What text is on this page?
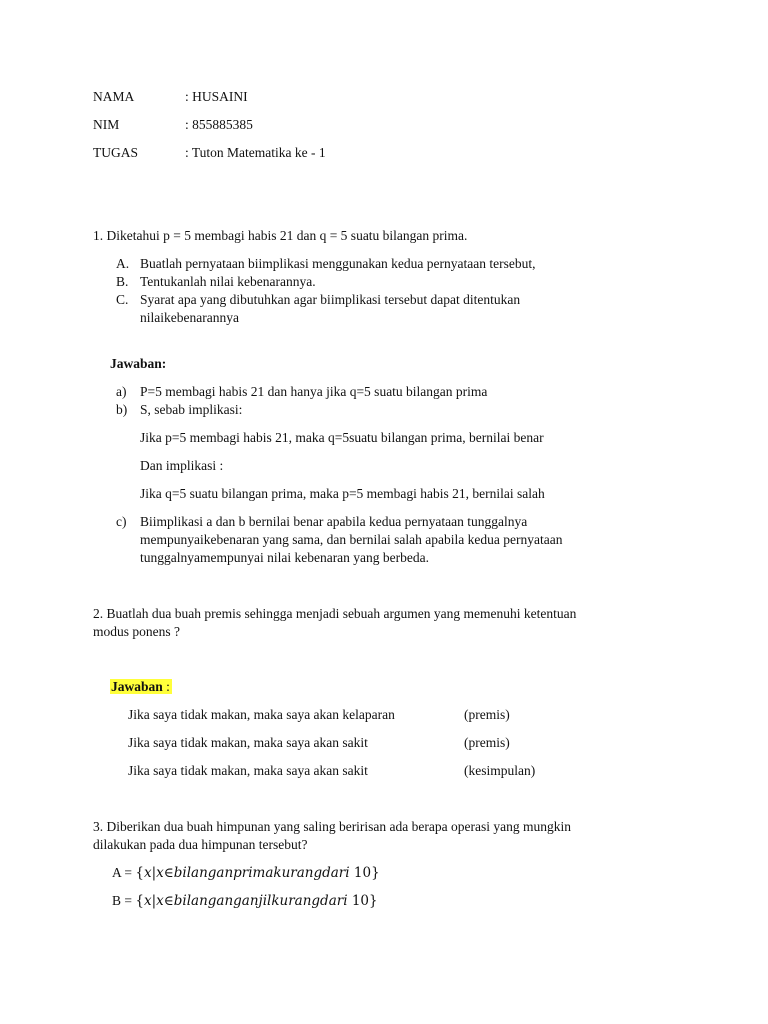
NAMA	: HUSAINI
NIM	: 855885385
TUGAS	: Tuton Matematika ke - 1
1. Diketahui p = 5 membagi habis 21 dan q = 5 suatu bilangan prima.
A. Buatlah pernyataan biimplikasi menggunakan kedua pernyataan tersebut,
B. Tentukanlah nilai kebenarannya.
C. Syarat apa yang dibutuhkan agar biimplikasi tersebut dapat ditentukan
nilaikebenarannya
Jawaban:
a) P=5 membagi habis 21 dan hanya jika q=5 suatu bilangan prima
b) S, sebab implikasi:
Jika p=5 membagi habis 21, maka q=5suatu bilangan prima, bernilai benar
Dan implikasi :
Jika q=5 suatu bilangan prima, maka p=5 membagi habis 21, bernilai salah
c) Biimplikasi a dan b bernilai benar apabila kedua pernyataan tunggalnya
mempunyaikebenaran yang sama, dan bernilai salah apabila kedua pernyataan
tunggalnyamempunyai nilai kebenaran yang berbeda.
2. Buatlah dua buah premis sehingga menjadi sebuah argumen yang memenuhi ketentuan
modus ponens ?
Jawaban :
Jika saya tidak makan, maka saya akan kelaparan	(premis)
Jika saya tidak makan, maka saya akan sakit	(premis)
Jika saya tidak makan, maka saya akan sakit	(kesimpulan)
3. Diberikan dua buah himpunan yang saling beririsan ada berapa operasi yang mungkin
dilakukan pada dua himpunan tersebut?
A = {x|x∈bilanganprimakurangdari 10}
B = {x|x∈bilanganganjilkurangdari 10}
